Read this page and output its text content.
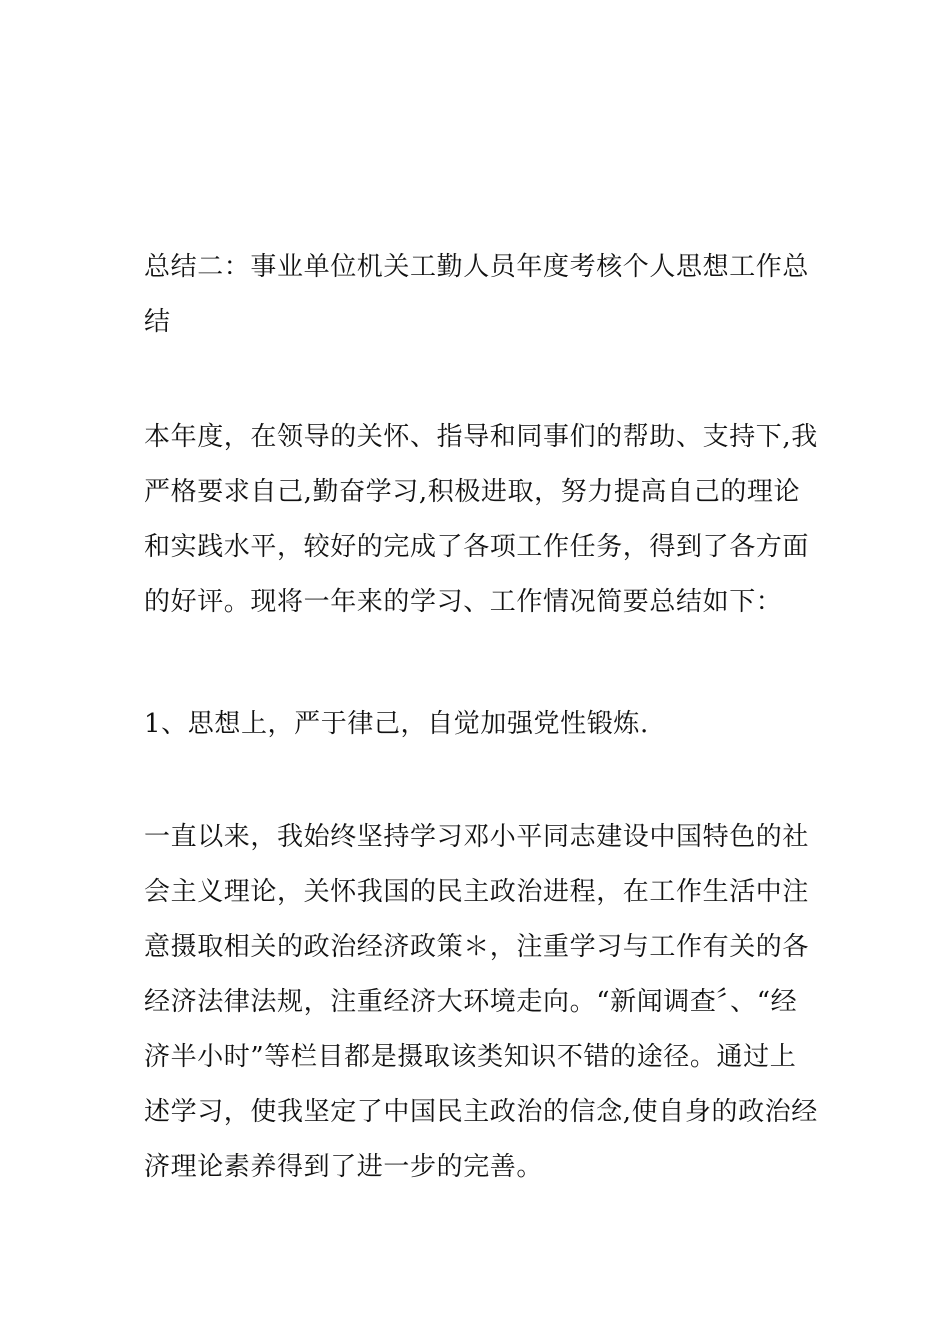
总结二：事业单位机关工勤人员年度考核个人思想工作总
结
本年度，在领导的关怀、指导和同事们的帮助、支持下,我
严格要求自己,勤奋学习,积极进取，努力提高自己的理论
和实践水平，较好的完成了各项工作任务，得到了各方面
的好评。现将一年来的学习、工作情况简要总结如下：
1、思想上，严于律己，自觉加强党性锻炼.
一直以来，我始终坚持学习邓小平同志建设中国特色的社
会主义理论，关怀我国的民主政治进程，在工作生活中注
意摄取相关的政治经济政策＊，注重学习与工作有关的各
经济法律法规，注重经济大环境走向。“新闻调查〞、“经
济半小时”等栏目都是摄取该类知识不错的途径。通过上
述学习，使我坚定了中国民主政治的信念,使自身的政治经
济理论素养得到了进一步的完善。
